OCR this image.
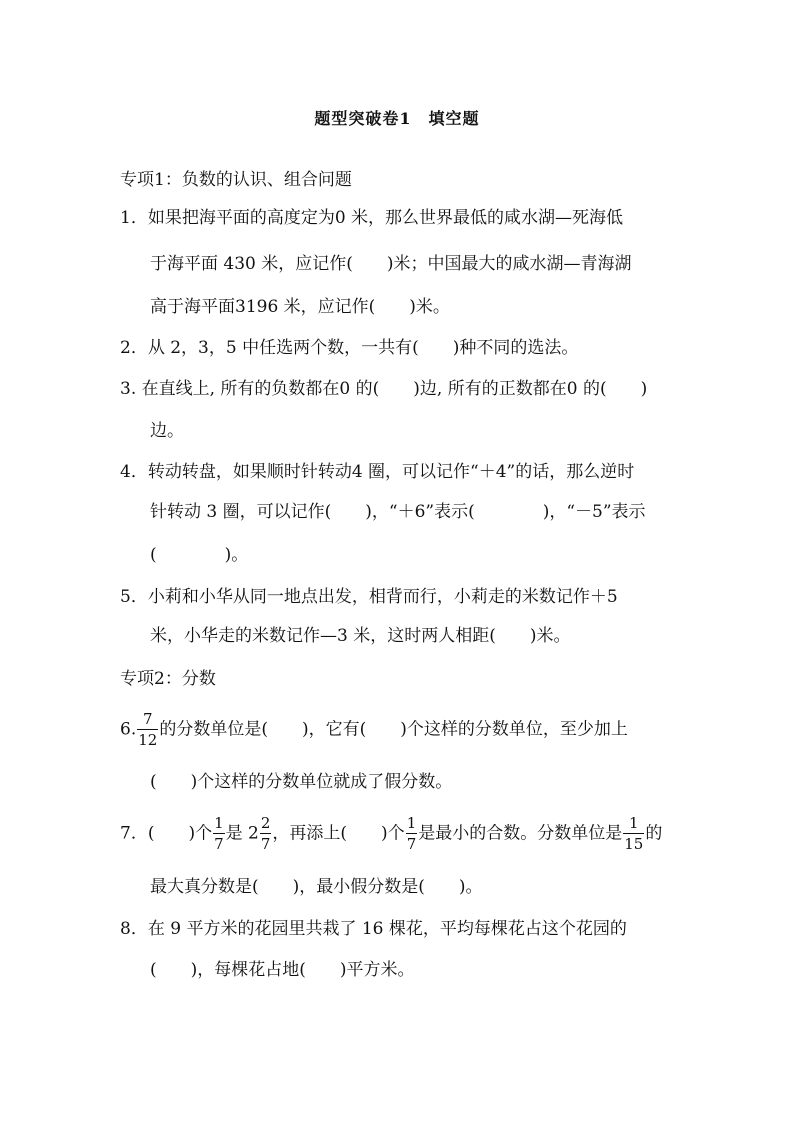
题型突破卷1　填空题
专项1：负数的认识、组合问题
1．如果把海平面的高度定为0 米，那么世界最低的咸水湖—死海低
于海平面 430 米，应记作(　　)米；中国最大的咸水湖—青海湖
高于海平面3196 米，应记作(　　)米。
2．从 2，3，5 中任选两个数，一共有(　　)种不同的选法。
3. 在直线上, 所有的负数都在0 的(　　)边, 所有的正数都在0 的(　　)
边。
4．转动转盘，如果顺时针转动4 圈，可以记作“＋4”的话，那么逆时
针转动 3 圈，可以记作(　　)，“＋6”表示(　　　　)，“－5”表示
(　　　　)。
5．小莉和小华从同一地点出发，相背而行，小莉走的米数记作＋5
米，小华走的米数记作—3 米，这时两人相距(　　)米。
专项2：分数
6. $\frac{7}{12}$ 的分数单位是(　　)，它有(　　)个这样的分数单位，至少加上
(　　)个这样的分数单位就成了假分数。
7．(　　)个 $\frac{1}{7}$ 是 $2 \frac{2}{7}$ ，再添上(　　)个 $\frac{1}{7}$ 是最小的合数。分数单位是 $\frac{1}{15}$ 的
最大真分数是(　　)，最小假分数是(　　)。
8．在 9 平方米的花园里共栽了 16 棵花，平均每棵花占这个花园的
(　　)，每棵花占地(　　)平方米。
